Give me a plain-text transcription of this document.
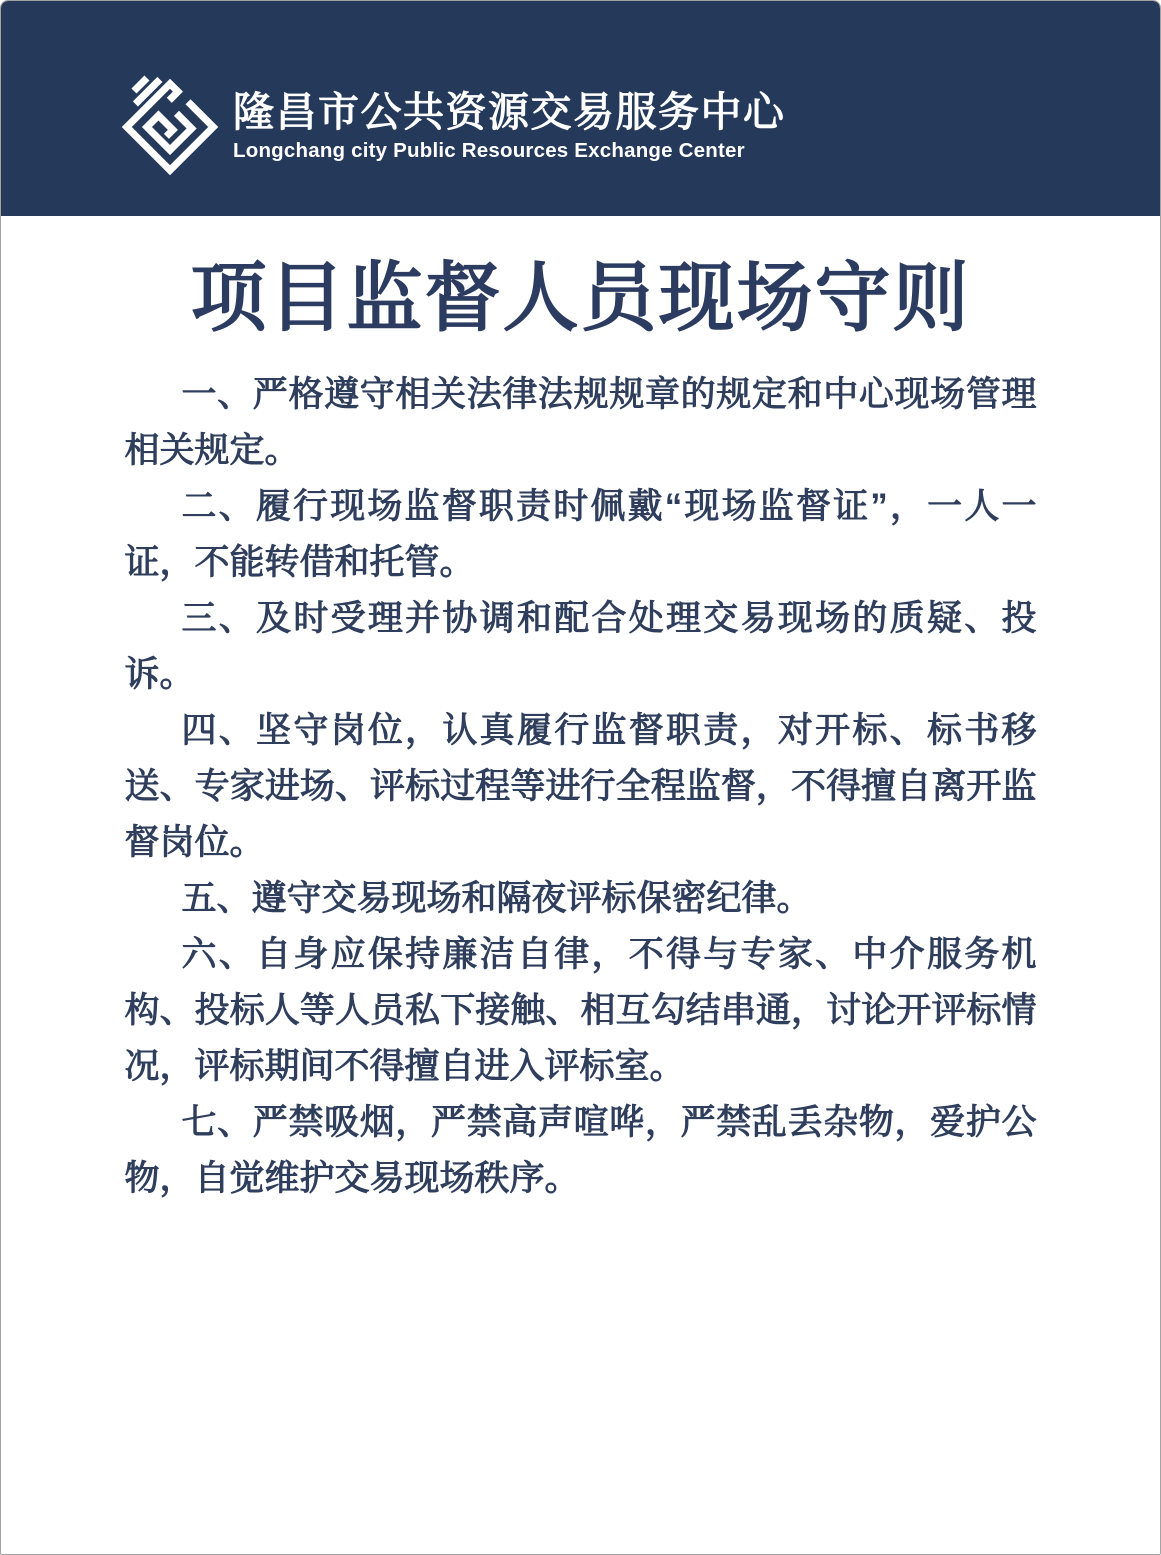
隆昌市公共资源交易服务中心
Longchang city Public Resources Exchange Center
项目监督人员现场守则

一、严格遵守相关法律法规规章的规定和中心现场管理相关规定。

二、履行现场监督职责时佩戴“现场监督证”，一人一证，不能转借和托管。

三、及时受理并协调和配合处理交易现场的质疑、投诉。

四、坚守岗位，认真履行监督职责，对开标、标书移送、专家进场、评标过程等进行全程监督，不得擅自离开监督岗位。

五、遵守交易现场和隔夜评标保密纪律。

六、自身应保持廉洁自律，不得与专家、中介服务机构、投标人等人员私下接触、相互勾结串通，讨论开评标情况，评标期间不得擅自进入评标室。

七、严禁吸烟，严禁高声喧哗，严禁乱丢杂物，爱护公物，自觉维护交易现场秩序。
